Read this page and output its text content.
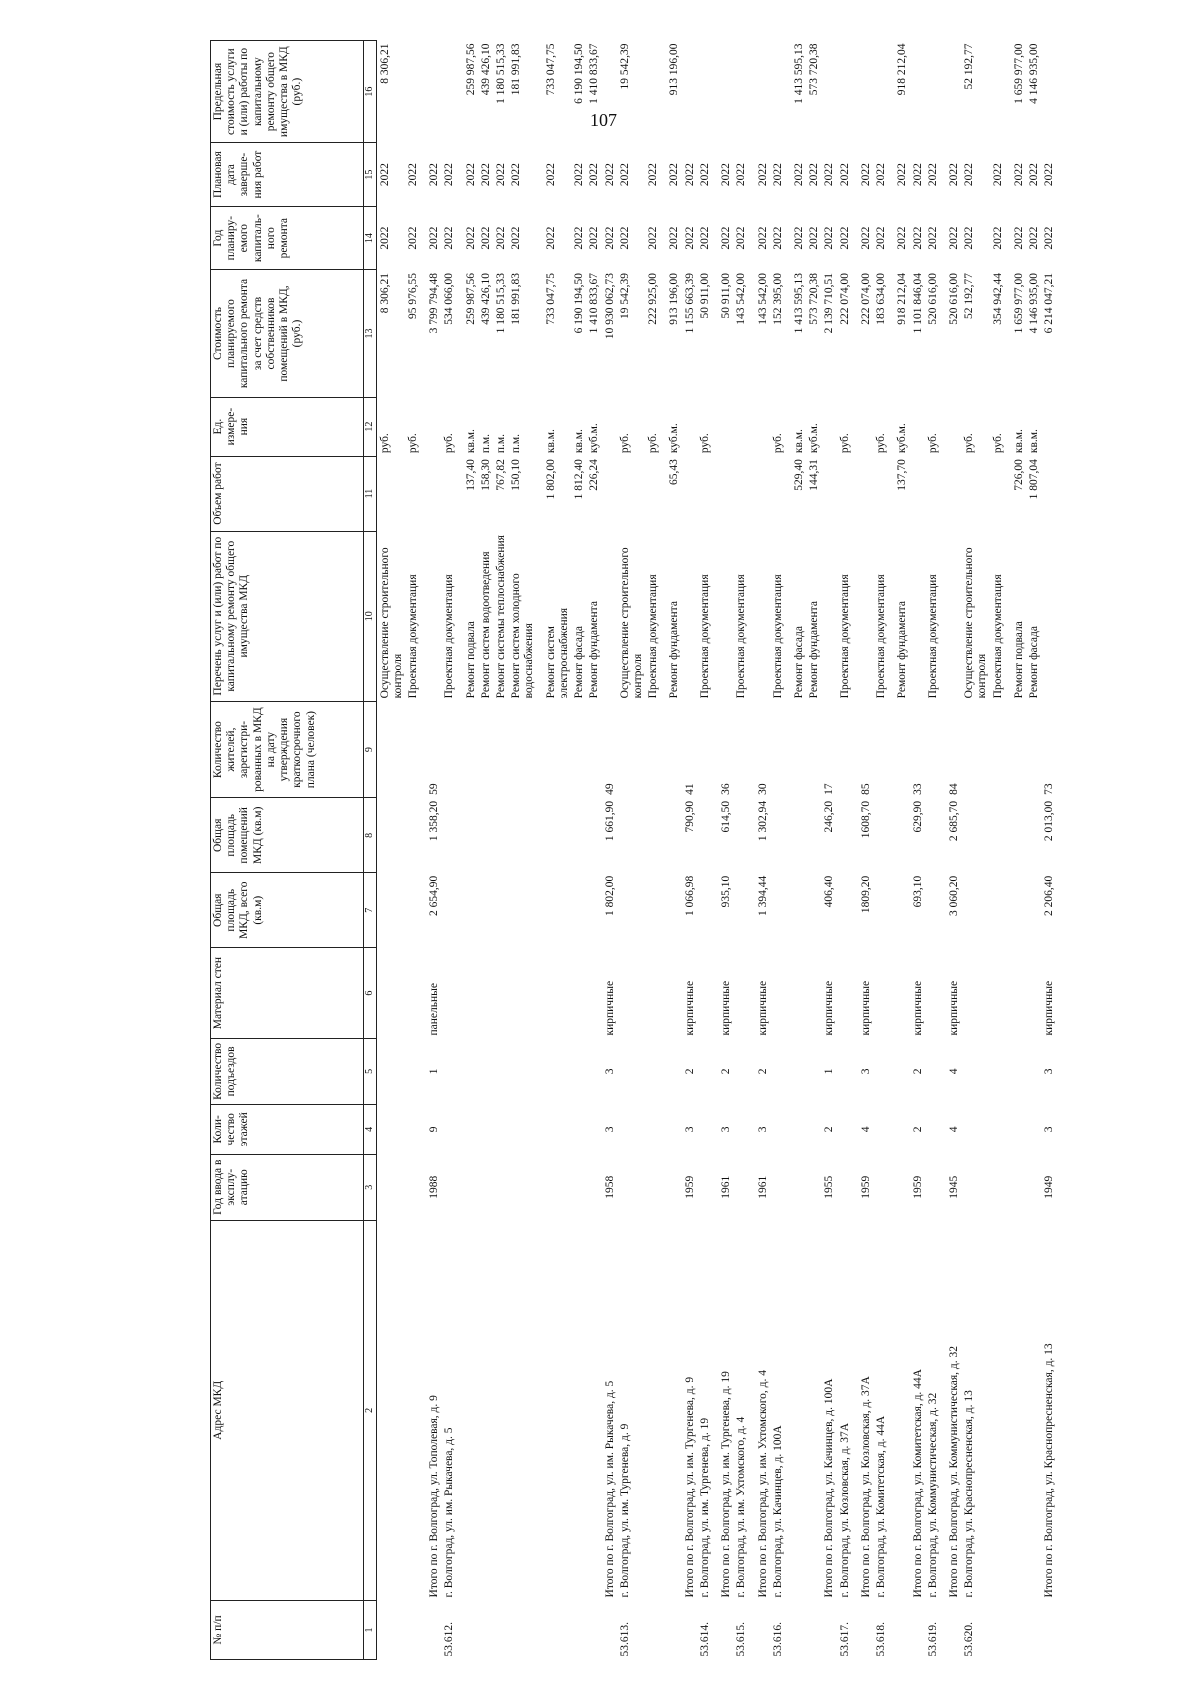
107
№ п/п	Адрес МКД	Год ввода в эксплу-атацию	Коли-чество этажей	Количество подъездов	Материал стен	Общая площадь МКД, всего (кв.м)	Общая площадь помещений МКД (кв.м)	Количество жителей, зарегистри-рованных в МКД на дату утверждения краткосрочного плана (человек)	Перечень услуг и (или) работ по капитальному ремонту общего имущества МКД	Объем работ	Ед. измере-ния	Стоимость планируемого капитального ремонта за счет средств собственников помещений в МКД, (руб.)	Год планиру-емого капиталь-ного ремонта	Плановая дата заверше-ния работ	Предельная стоимость услуги и (или) работы по капитальному ремонту общего имущества в МКД (руб.)
1	2	3	4	5	6	7	8	9	10	11	12	13	14	15	16
									Осуществление строительного контроля		руб.	8 306,21	2022	2022	8 306,21
									Проектная документация		руб.	95 976,55	2022	2022	

	Итого по г. Волгоград, ул. Тополевая, д. 9	1988	9	1	панельные	2 654,90	1 358,20	59				3 799 794,48	2022	2022	
53.612.	г. Волгоград, ул. им. Рыкачева, д. 5								Проектная документация		руб.	534 066,00	2022	2022	

									Ремонт подвала	137,40	кв.м.	259 987,56	2022	2022	259 987,56
									Ремонт систем водоотведения	158,30	п.м.	439 426,10	2022	2022	439 426,10
									Ремонт системы теплоснабжения	767,82	п.м.	1 180 515,33	2022	2022	1 180 515,33
									Ремонт систем холодного водоснабжения	150,10	п.м.	181 991,83	2022	2022	181 991,83

									Ремонт систем электроснабжения	1 802,00	кв.м.	733 047,75	2022	2022	733 047,75
									Ремонт фасада	1 812,40	кв.м.	6 190 194,50	2022	2022	6 190 194,50
									Ремонт фундамента	226,24	куб.м.	1 410 833,67	2022	2022	1 410 833,67
	Итого по г. Волгоград, ул. им. Рыкачева, д. 5	1958	3	3	кирпичные	1 802,00	1 661,90	49				10 930 062,73	2022	2022	
53.613.	г. Волгоград, ул. им. Тургенева, д. 9								Осуществление строительного контроля		руб.	19 542,39	2022	2022	19 542,39
									Проектная документация		руб.	222 925,00	2022	2022	

									Ремонт фундамента	65,43	куб.м.	913 196,00	2022	2022	913 196,00
	Итого по г. Волгоград, ул. им. Тургенева, д. 9	1959	3	2	кирпичные	1 066,98	790,90	41				1 155 663,39	2022	2022	
53.614.	г. Волгоград, ул. им. Тургенева, д. 19								Проектная документация		руб.	50 911,00	2022	2022	

	Итого по г. Волгоград, ул. им. Тургенева, д. 19	1961	3	2	кирпичные	935,10	614,50	36				50 911,00	2022	2022	
53.615.	г. Волгоград, ул. им. Ухтомского, д. 4								Проектная документация			143 542,00	2022	2022	

	Итого по г. Волгоград, ул. им. Ухтомского, д. 4	1961	3	2	кирпичные	1 394,44	1 302,94	30				143 542,00	2022	2022	
53.616.	г. Волгоград, ул. Качинцев, д. 100А								Проектная документация		руб.	152 395,00	2022	2022	

									Ремонт фасада	529,40	кв.м.	1 413 595,13	2022	2022	1 413 595,13
									Ремонт фундамента	144,31	куб.м.	573 720,38	2022	2022	573 720,38
	Итого по г. Волгоград, ул. Качинцев, д. 100А	1955	2	1	кирпичные	406,40	246,20	17				2 139 710,51	2022	2022	
53.617.	г. Волгоград, ул. Козловская, д. 37А								Проектная документация		руб.	222 074,00	2022	2022	

	Итого по г. Волгоград, ул. Козловская, д. 37А	1959	4	3	кирпичные	1809,20	1608,70	85				222 074,00	2022	2022	
53.618.	г. Волгоград, ул. Комитетская, д. 44А								Проектная документация		руб.	183 634,00	2022	2022	

									Ремонт фундамента	137,70	куб.м.	918 212,04	2022	2022	918 212,04
	Итого по г. Волгоград, ул. Комитетская, д. 44А	1959	2	2	кирпичные	693,10	629,90	33				1 101 846,04	2022	2022	
53.619.	г. Волгоград, ул. Коммунистическая, д. 32								Проектная документация		руб.	520 616,00	2022	2022	

	Итого по г. Волгоград, ул. Коммунистическая, д. 32	1945	4	4	кирпичные	3 060,20	2 685,70	84				520 616,00	2022	2022	
53.620.	г. Волгоград, ул. Краснопресненская, д. 13								Осуществление строительного контроля		руб.	52 192,77	2022	2022	52 192,77
									Проектная документация		руб.	354 942,44	2022	2022	

									Ремонт подвала	726,00	кв.м.	1 659 977,00	2022	2022	1 659 977,00
									Ремонт фасада	1 807,04	кв.м.	4 146 935,00	2022	2022	4 146 935,00
	Итого по г. Волгоград, ул. Краснопресненская, д. 13	1949	3	3	кирпичные	2 206,40	2 013,00	73				6 214 047,21	2022	2022	
